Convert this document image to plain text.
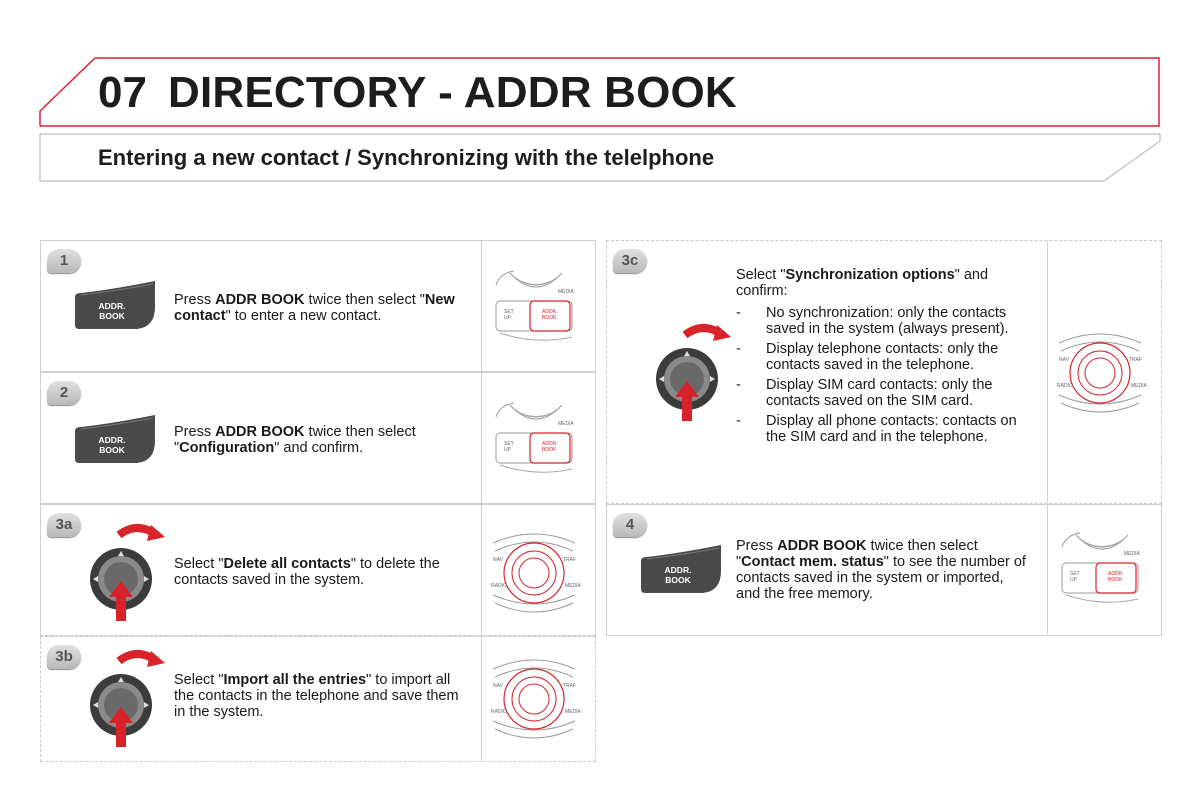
07 DIRECTORY - ADDR BOOK
Entering a new contact / Synchronizing with the telelphone
1
ADDR.
BOOK
Press ADDR BOOK twice then select "New contact" to enter a new contact.
MEDIA
SET
UP
ADDR.
BOOK
2
ADDR.
BOOK
Press ADDR BOOK twice then select "Configuration" and confirm.
MEDIA
SET
UP
ADDR.
BOOK
3a
Select "Delete all contacts" to delete the contacts saved in the system.
NAV	TRAF
RADIO	MEDIA
3b
Select "Import all the entries" to import all the contacts in the telephone and save them in the system.
NAV	TRAF
RADIO	MEDIA
3c
Select "Synchronization options" and confirm:
- No synchronization: only the contacts saved in the system (always present).
- Display telephone contacts: only the contacts saved in the telephone.
- Display SIM card contacts: only the contacts saved on the SIM card.
- Display all phone contacts: contacts on the SIM card and in the telephone.
NAV	TRAF
RADIO	MEDIA
4
ADDR.
BOOK
Press ADDR BOOK twice then select "Contact mem. status" to see the number of contacts saved in the system or imported, and the free memory.
MEDIA
SET
UP
ADDR.
BOOK
